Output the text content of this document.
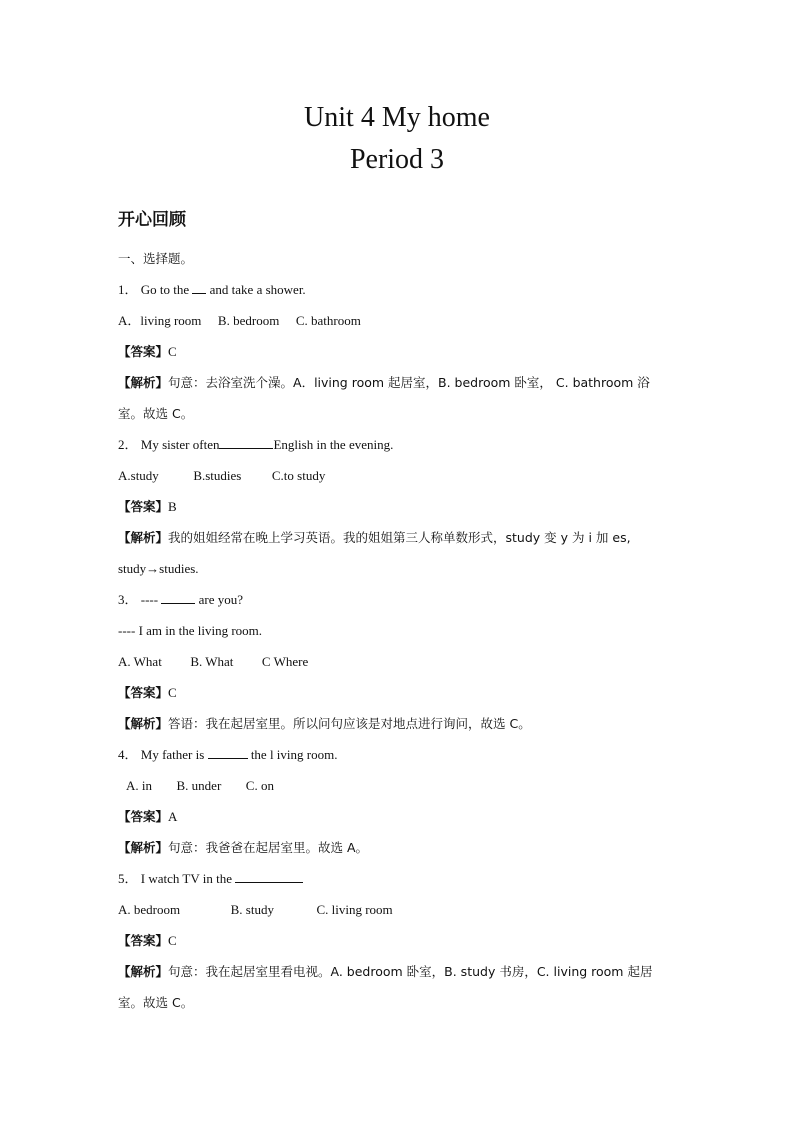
Unit 4 My home
Period 3
开心回顾
一、选择题。
1． Go to the and take a shower.
A．living room B. bedroom C. bathroom
【答案】C
【解析】句意：去浴室洗个澡。A．living room 起居室，B. bedroom 卧室， C. bathroom 浴
室。故选 C。
2． My sister often	English in the evening.
A.study	B.studies C.to study
【答案】B
【解析】我的姐姐经常在晚上学习英语。我的姐姐第三人称单数形式，study 变 y 为 i 加 es,
study→studies.
3． ----	are you?
---- I am in the living room.
A. What B. What C Where
【答案】C
【解析】答语：我在起居室里。所以问句应该是对地点进行询问，故选 C。
4． My father is	the l iving room.
A. in B. under C. on
【答案】A
【解析】句意：我爸爸在起居室里。故选 A。
5． I watch TV in the
A. bedroom	B. study	C. living room
【答案】C
【解析】句意：我在起居室里看电视。A. bedroom 卧室，B. study 书房，C. living room 起居
室。故选 C。
